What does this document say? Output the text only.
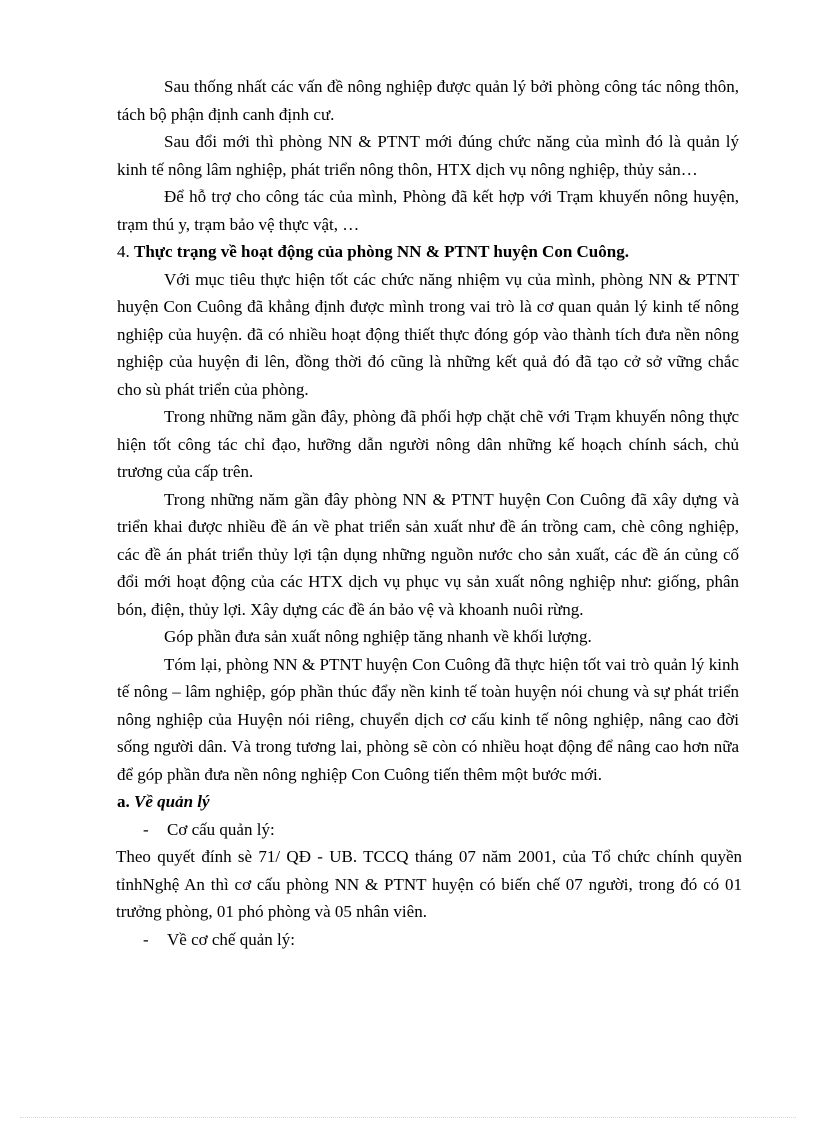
Sau thống nhất các vấn đề nông nghiệp được quản lý bởi phòng công tác nông thôn, tách bộ phận định canh định cư.

Sau đổi mới thì phòng NN & PTNT mới đúng chức năng của mình đó là quản lý kinh tế nông lâm nghiệp, phát triển nông thôn, HTX dịch vụ nông nghiệp, thủy sản…

Để hỗ trợ cho công tác của mình, Phòng đã kết hợp với Trạm khuyến nông huyện, trạm thú y, trạm bảo vệ thực vật, …

4. Thực trạng về hoạt động của phòng NN & PTNT huyện Con Cuông.

Với mục tiêu thực hiện tốt các chức năng nhiệm vụ của mình, phòng NN & PTNT huyện Con Cuông đã khẳng định được mình trong vai trò là cơ quan quản lý kinh tế nông nghiệp của huyện. đã có nhiều hoạt động thiết thực đóng góp vào thành tích đưa nền nông nghiệp của huyện đi lên, đồng thời đó cũng là những kết quả đó đã tạo cở sở vững chắc cho sù phát triển của phòng.

Trong những năm gần đây, phòng đã phối hợp chặt chẽ với Trạm khuyến nông thực hiện tốt công tác chỉ đạo, hưỡng dẫn người nông dân những kế hoạch chính sách, chủ trương của cấp trên.

Trong những năm gần đây phòng NN & PTNT huyện Con Cuông đã xây dựng và triển khai được nhiều đề án về phat triển sản xuất như đề án trồng cam, chè công nghiệp, các đề án phát triển thủy lợi tận dụng những nguồn nước cho sản xuất, các đề án củng cố đổi mới hoạt động của các HTX dịch vụ phục vụ sản xuất nông nghiệp như: giống, phân bón, điện, thủy lợi. Xây dựng các đề án bảo vệ và khoanh nuôi rừng.

Góp phần đưa sản xuất nông nghiệp tăng nhanh về khối lượng.

Tóm lại, phòng NN & PTNT huyện Con Cuông đã thực hiện tốt vai trò quản lý kinh tế nông – lâm nghiệp, góp phần thúc đẩy nền kinh tế toàn huyện nói chung và sự phát triển nông nghiệp của Huyện nói riêng, chuyển dịch cơ cấu kinh tế nông nghiệp, nâng cao đời sống người dân. Và trong tương lai, phòng sẽ còn có nhiều hoạt động để nâng cao hơn nữa để góp phần đưa nền nông nghiệp Con Cuông tiến thêm một bước mới.

a. Về quản lý

-	Cơ cấu quản lý:

Theo quyết đính sè 71/ QĐ - UB. TCCQ tháng 07 năm 2001, của Tổ chức chính quyền tỉnhNghệ An thì cơ cấu phòng NN & PTNT huyện có biến chế 07 người, trong đó có 01 trưởng phòng, 01 phó phòng và 05 nhân viên.

-	Về cơ chế quản lý:
